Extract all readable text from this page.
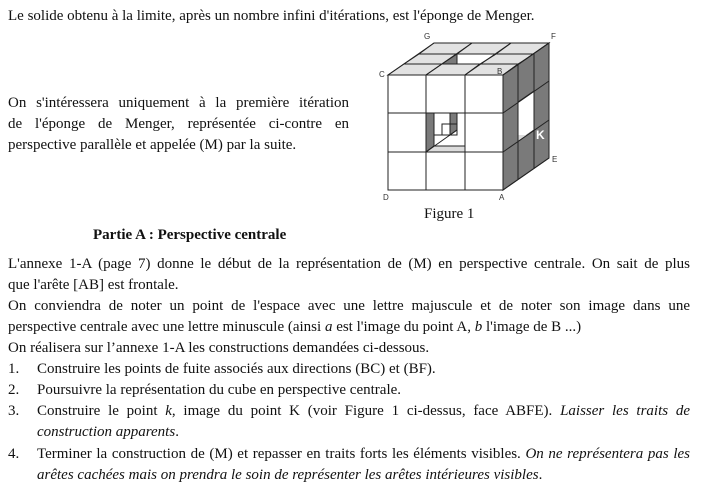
Le solide obtenu à la limite, après un nombre infini d'itérations, est l'éponge de Menger.
On s'intéressera uniquement à la première itération
de l'éponge de Menger, représentée ci-contre en
perspective parallèle et appelée (M) par la suite.
G	F
C	B
K
E
D	A
Figure 1
Partie A : Perspective centrale
L'annexe 1-A (page 7) donne le début de la représentation de (M) en perspective centrale. On sait de plus
que l'arête [AB] est frontale.
On conviendra de noter un point de l'espace avec une lettre majuscule et de noter son image dans une
perspective centrale avec une lettre minuscule (ainsi a est l'image du point A, b l'image de B ...)
On réalisera sur l’annexe 1-A les constructions demandées ci-dessous.
1. Construire les points de fuite associés aux directions (BC) et (BF).
2. Poursuivre la représentation du cube en perspective centrale.
3. Construire le point k, image du point K (voir Figure 1 ci-dessus, face ABFE). Laisser les traits de construction apparents.
4. Terminer la construction de (M) et repasser en traits forts les éléments visibles. On ne représentera pas les arêtes cachées mais on prendra le soin de représenter les arêtes intérieures visibles.
